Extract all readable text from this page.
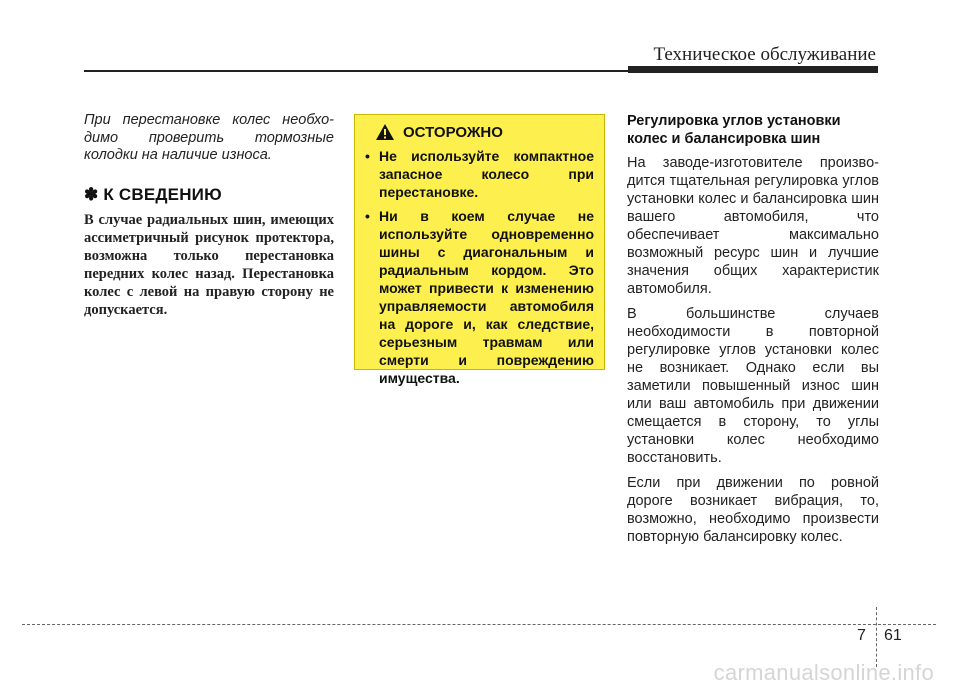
Техническое обслуживание

При перестановке колес необхо-димо проверить тормозные колодки на наличие износа.

✽ К СВЕДЕНИЮ

В случае радиальных шин, имеющих ассиметричный рисунок протектора, возможна только перестановка передних колес назад. Перестановка колес с левой на правую сторону не допускается.

ОСТОРОЖНО
• Не используйте компактное запасное колесо при перестановке.
• Ни в коем случае не используйте одновременно шины с диагональным и радиальным кордом. Это может привести к изменению управляемости автомобиля на дороге и, как следствие, серьезным травмам или смерти и повреждению имущества.
Регулировка углов установки колес и балансировка шин

На заводе-изготовителе произво-дится тщательная регулировка углов установки колес и балансировка шин вашего автомобиля, что обеспечивает максимально возможный ресурс шин и лучшие значения общих характеристик автомобиля.

В большинстве случаев необходимости в повторной регулировке углов установки колес не возникает. Однако если вы заметили повышенный износ шин или ваш автомобиль при движении смещается в сторону, то углы установки колес необходимо восстановить.

Если при движении по ровной дороге возникает вибрация, то, возможно, необходимо произвести повторную балансировку колес.

7 61
carmanualsonline.info
